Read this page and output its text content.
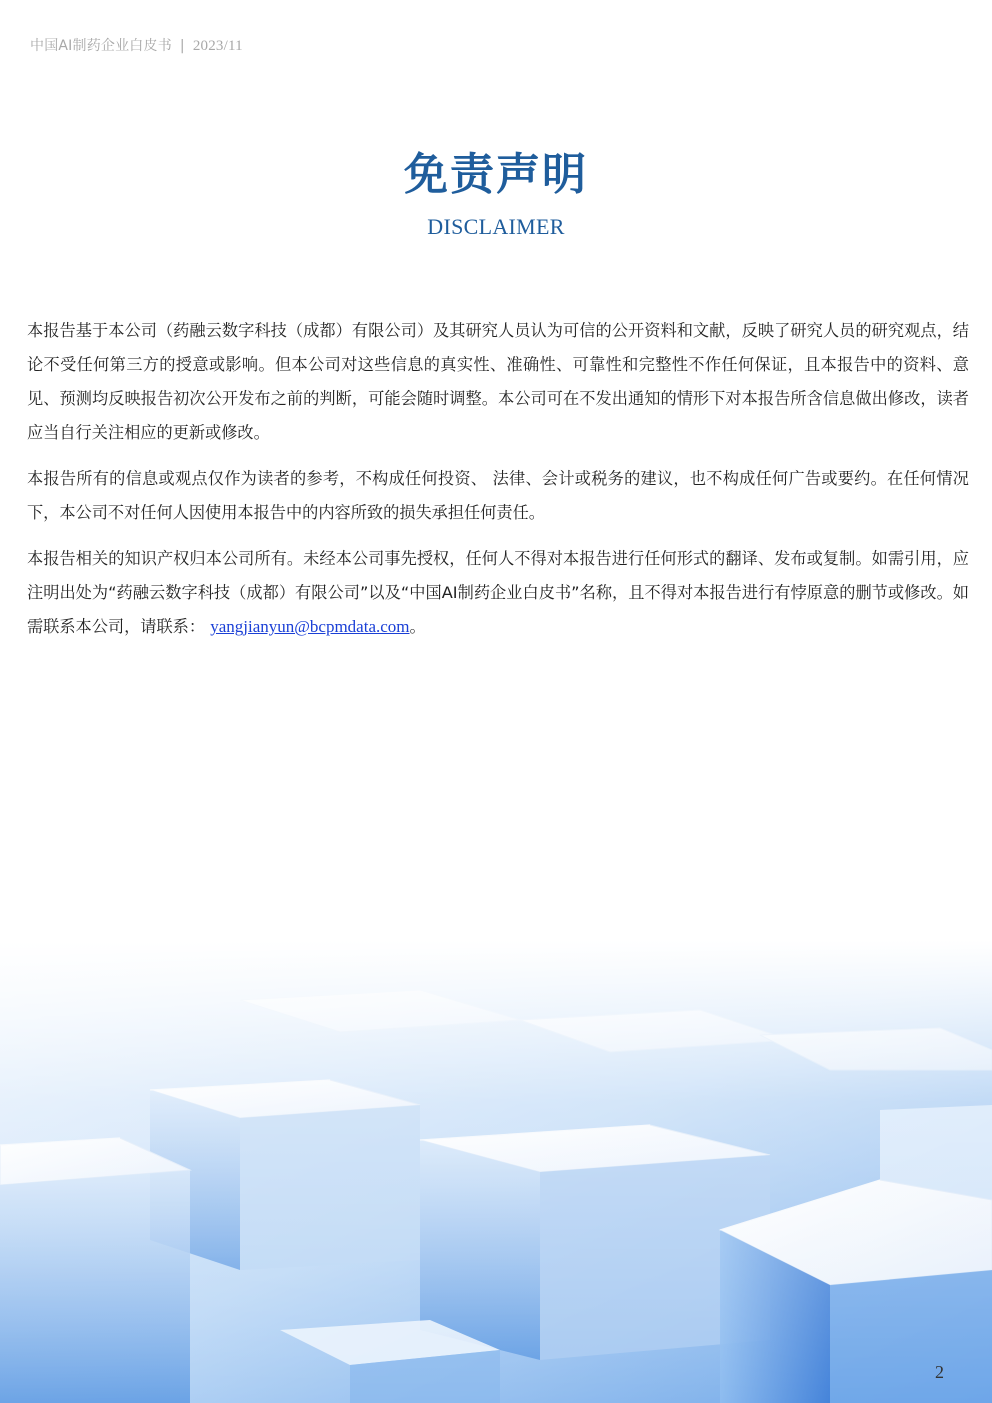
中国AI制药企业白皮书 | 2023/11
免责声明
DISCLAIMER

本报告基于本公司（药融云数字科技（成都）有限公司）及其研究人员认为可信的公开资料和文献，反映了研究人员的研究观点，结论不受任何第三方的授意或影响。但本公司对这些信息的真实性、准确性、可靠性和完整性不作任何保证，且本报告中的资料、意见、预测均反映报告初次公开发布之前的判断，可能会随时调整。本公司可在不发出通知的情形下对本报告所含信息做出修改，读者应当自行关注相应的更新或修改。

本报告所有的信息或观点仅作为读者的参考，不构成任何投资、 法律、会计或税务的建议，也不构成任何广告或要约。在任何情况下，本公司不对任何人因使用本报告中的内容所致的损失承担任何责任。

本报告相关的知识产权归本公司所有。未经本公司事先授权，任何人不得对本报告进行任何形式的翻译、发布或复制。如需引用，应注明出处为“药融云数字科技（成都）有限公司”以及“中国AI制药企业白皮书”名称，且不得对本报告进行有悖原意的删节或修改。如需联系本公司，请联系： yangjianyun@bcpmdata.com。

2
